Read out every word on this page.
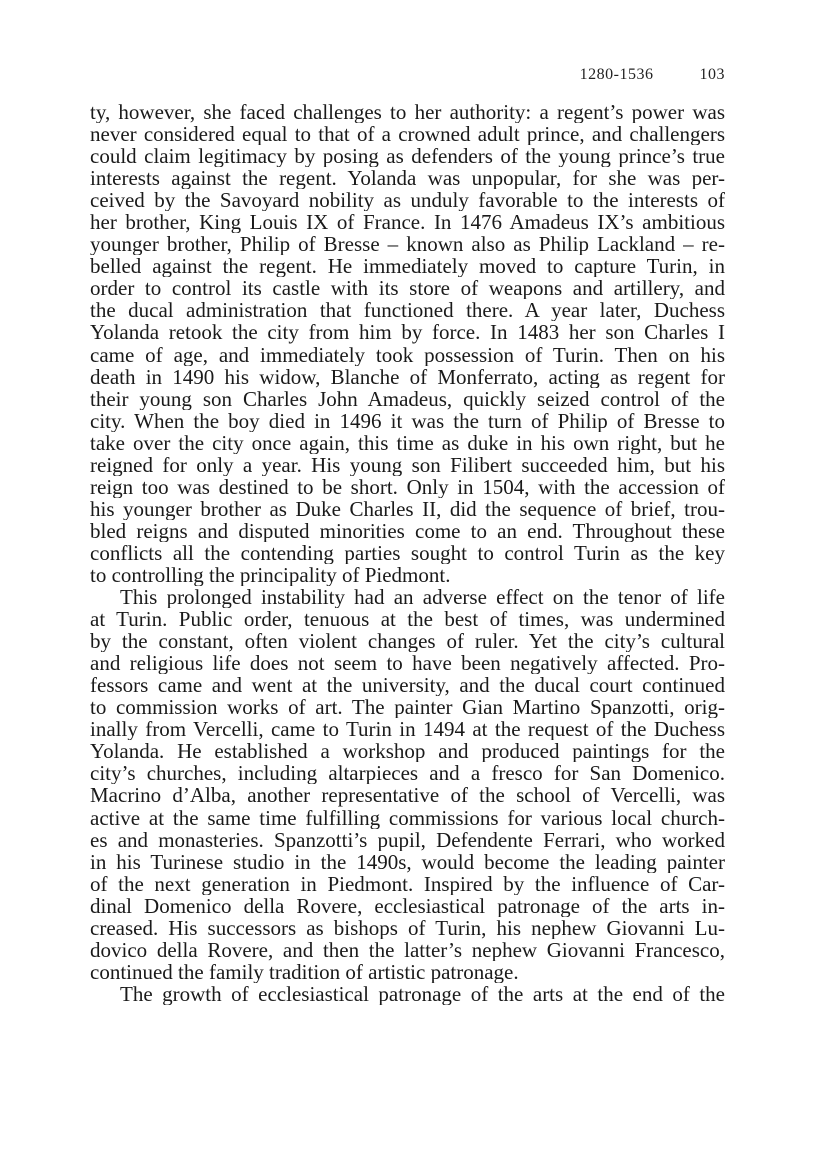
1280-1536	103
ty, however, she faced challenges to her authority: a regent’s power was
never considered equal to that of a crowned adult prince, and challengers
could claim legitimacy by posing as defenders of the young prince’s true
interests against the regent. Yolanda was unpopular, for she was per-
ceived by the Savoyard nobility as unduly favorable to the interests of
her brother, King Louis IX of France. In 1476 Amadeus IX’s ambitious
younger brother, Philip of Bresse – known also as Philip Lackland – re-
belled against the regent. He immediately moved to capture Turin, in
order to control its castle with its store of weapons and artillery, and
the ducal administration that functioned there. A year later, Duchess
Yolanda retook the city from him by force. In 1483 her son Charles I
came of age, and immediately took possession of Turin. Then on his
death in 1490 his widow, Blanche of Monferrato, acting as regent for
their young son Charles John Amadeus, quickly seized control of the
city. When the boy died in 1496 it was the turn of Philip of Bresse to
take over the city once again, this time as duke in his own right, but he
reigned for only a year. His young son Filibert succeeded him, but his
reign too was destined to be short. Only in 1504, with the accession of
his younger brother as Duke Charles II, did the sequence of brief, trou-
bled reigns and disputed minorities come to an end. Throughout these
conflicts all the contending parties sought to control Turin as the key
to controlling the principality of Piedmont.
This prolonged instability had an adverse effect on the tenor of life
at Turin. Public order, tenuous at the best of times, was undermined
by the constant, often violent changes of ruler. Yet the city’s cultural
and religious life does not seem to have been negatively affected. Pro-
fessors came and went at the university, and the ducal court continued
to commission works of art. The painter Gian Martino Spanzotti, orig-
inally from Vercelli, came to Turin in 1494 at the request of the Duchess
Yolanda. He established a workshop and produced paintings for the
city’s churches, including altarpieces and a fresco for San Domenico.
Macrino d’Alba, another representative of the school of Vercelli, was
active at the same time fulfilling commissions for various local church-
es and monasteries. Spanzotti’s pupil, Defendente Ferrari, who worked
in his Turinese studio in the 1490s, would become the leading painter
of the next generation in Piedmont. Inspired by the influence of Car-
dinal Domenico della Rovere, ecclesiastical patronage of the arts in-
creased. His successors as bishops of Turin, his nephew Giovanni Lu-
dovico della Rovere, and then the latter’s nephew Giovanni Francesco,
continued the family tradition of artistic patronage.
The growth of ecclesiastical patronage of the arts at the end of the
